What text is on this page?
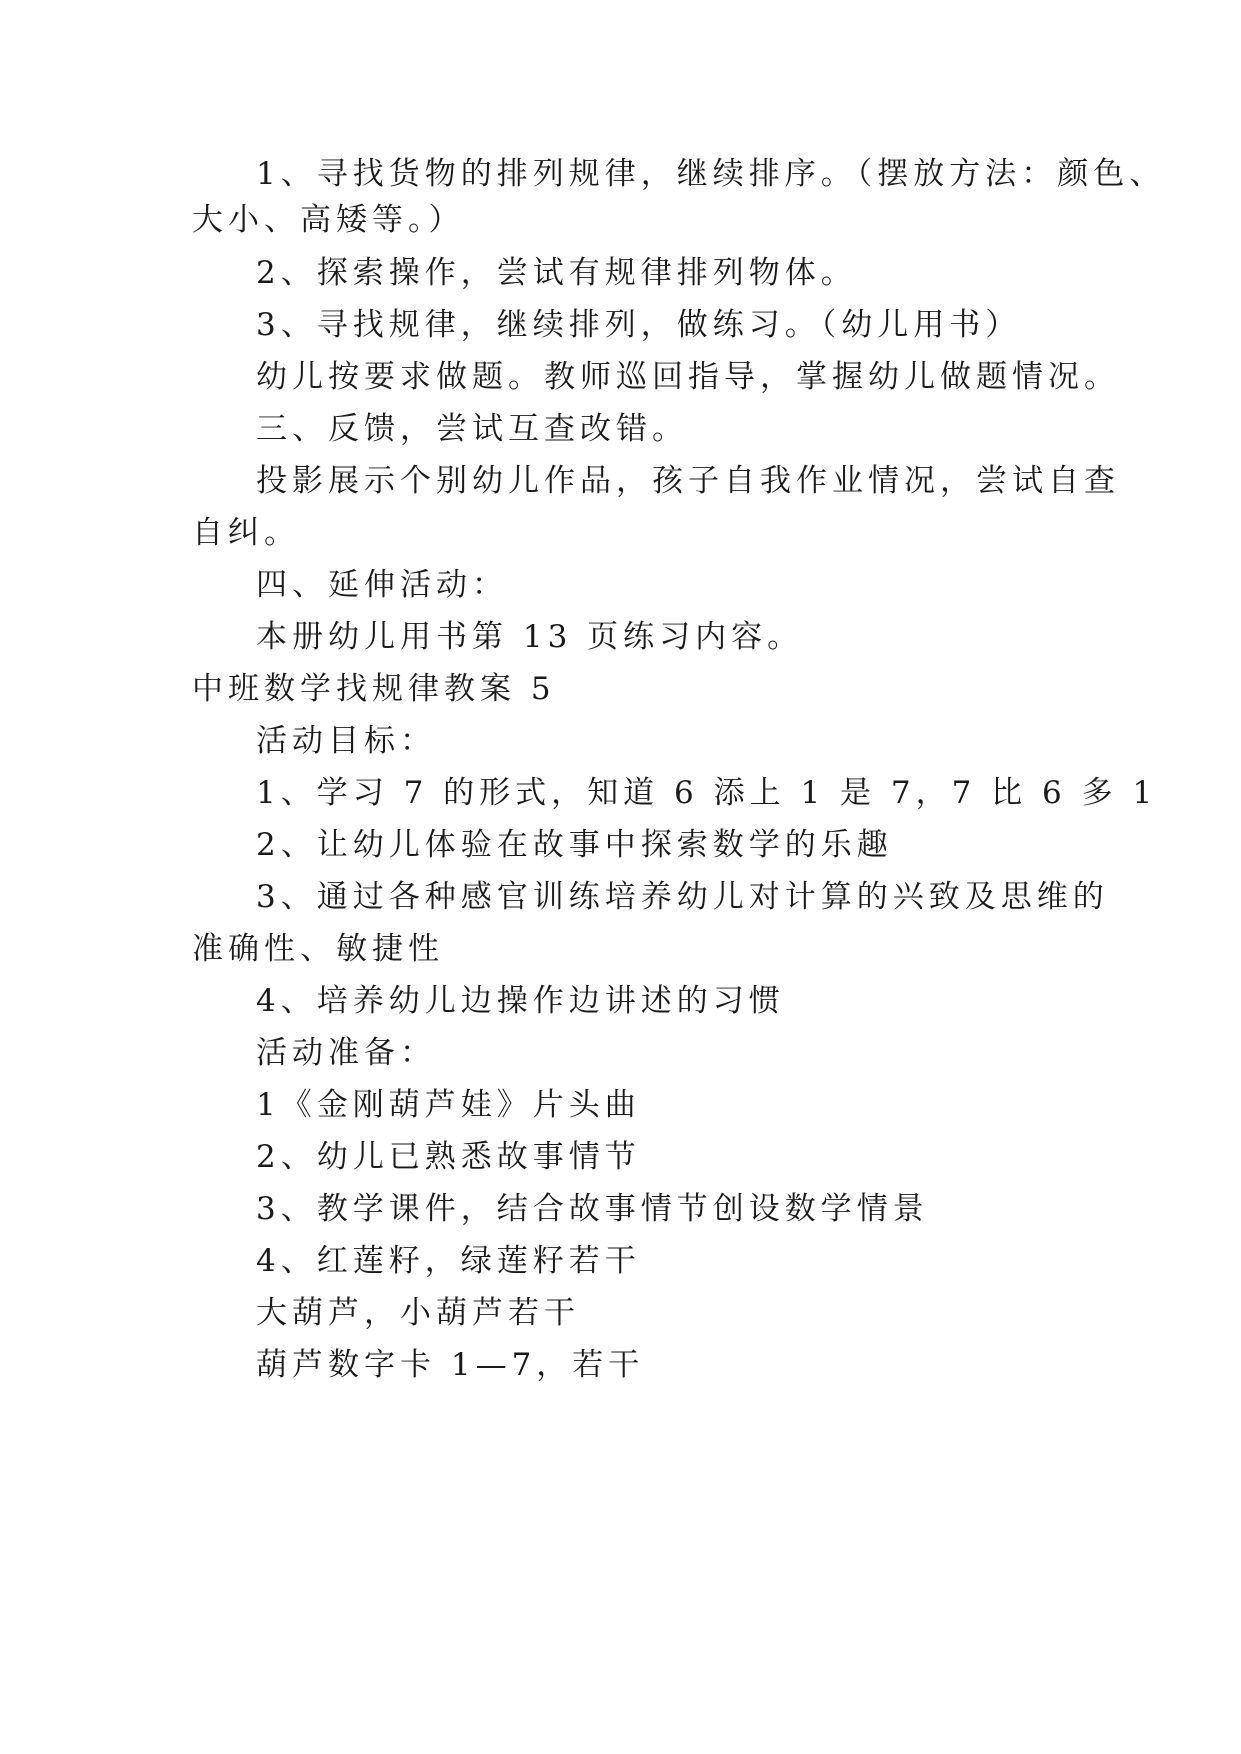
1、寻找货物的排列规律，继续排序。（摆放方法：颜色、
大小、高矮等。）
2、探索操作，尝试有规律排列物体。
3、寻找规律，继续排列，做练习。（幼儿用书）
幼儿按要求做题。教师巡回指导，掌握幼儿做题情况。
三、反馈，尝试互查改错。
投影展示个别幼儿作品，孩子自我作业情况，尝试自查
自纠。
四、延伸活动：
本册幼儿用书第 13 页练习内容。
中班数学找规律教案 5
活动目标：
1、学习 7 的形式，知道 6 添上 1 是 7，7 比 6 多 1
2、让幼儿体验在故事中探索数学的乐趣
3、通过各种感官训练培养幼儿对计算的兴致及思维的
准确性、敏捷性
4、培养幼儿边操作边讲述的习惯
活动准备：
1《金刚葫芦娃》片头曲
2、幼儿已熟悉故事情节
3、教学课件，结合故事情节创设数学情景
4、红莲籽，绿莲籽若干
大葫芦，小葫芦若干
葫芦数字卡 1—7，若干
